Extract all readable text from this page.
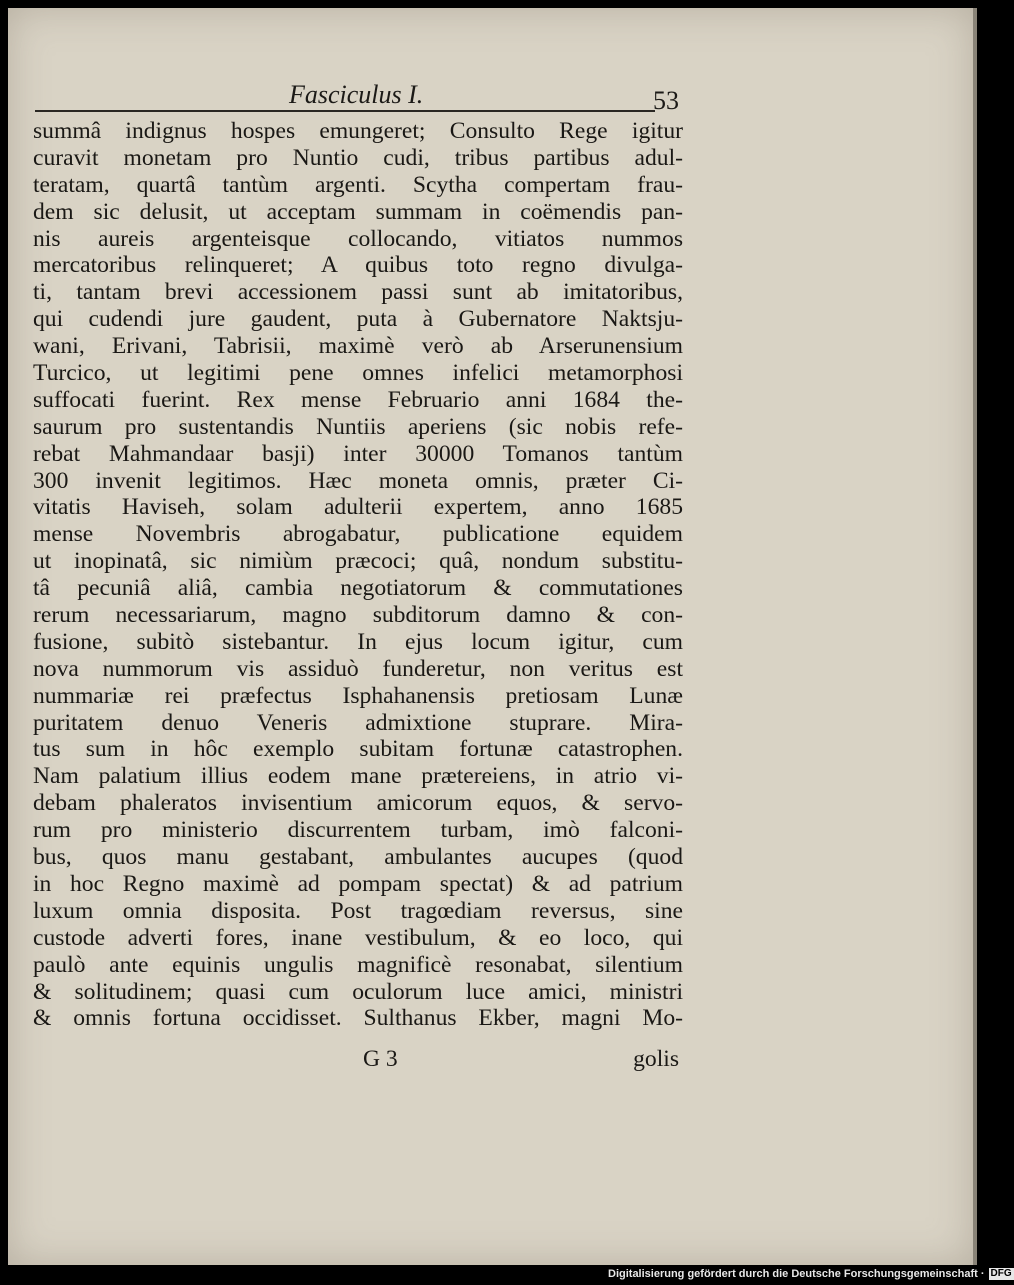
Fasciculus I.	53
summâ indignus hospes emungeret; Consulto Rege igitur
curavit monetam pro Nuntio cudi, tribus partibus adul-
teratam, quartâ tantùm argenti. Scytha compertam frau-
dem sic delusit, ut acceptam summam in coëmendis pan-
nis aureis argenteisque collocando, vitiatos nummos
mercatoribus relinqueret; A quibus toto regno divulga-
ti, tantam brevi accessionem passi sunt ab imitatoribus,
qui cudendi jure gaudent, puta à Gubernatore Naktsju-
wani, Erivani, Tabrisii, maximè verò ab Arserunensium
Turcico, ut legitimi pene omnes infelici metamorphosi
suffocati fuerint. Rex mense Februario anni 1684 the-
saurum pro sustentandis Nuntiis aperiens (sic nobis refe-
rebat Mahmandaar basji) inter 30000 Tomanos tantùm
300 invenit legitimos. Hæc moneta omnis, præter Ci-
vitatis Haviseh, solam adulterii expertem, anno 1685
mense Novembris abrogabatur, publicatione equidem
ut inopinatâ, sic nimiùm præcoci; quâ, nondum substitu-
tâ pecuniâ aliâ, cambia negotiatorum & commutationes
rerum necessariarum, magno subditorum damno & con-
fusione, subitò sistebantur. In ejus locum igitur, cum
nova nummorum vis assiduò funderetur, non veritus est
nummariæ rei præfectus Isphahanensis pretiosam Lunæ
puritatem denuo Veneris admixtione stuprare. Mira-
tus sum in hôc exemplo subitam fortunæ catastrophen.
Nam palatium illius eodem mane prætereiens, in atrio vi-
debam phaleratos invisentium amicorum equos, & servo-
rum pro ministerio discurrentem turbam, imò falconi-
bus, quos manu gestabant, ambulantes aucupes (quod
in hoc Regno maximè ad pompam spectat) & ad patrium
luxum omnia disposita. Post tragœdiam reversus, sine
custode adverti fores, inane vestibulum, & eo loco, qui
paulò ante equinis ungulis magnificè resonabat, silentium
& solitudinem; quasi cum oculorum luce amici, ministri
& omnis fortuna occidisset. Sulthanus Ekber, magni Mo-
G 3	golis
Digitalisierung gefördert durch die Deutsche Forschungsgemeinschaft · DFG
